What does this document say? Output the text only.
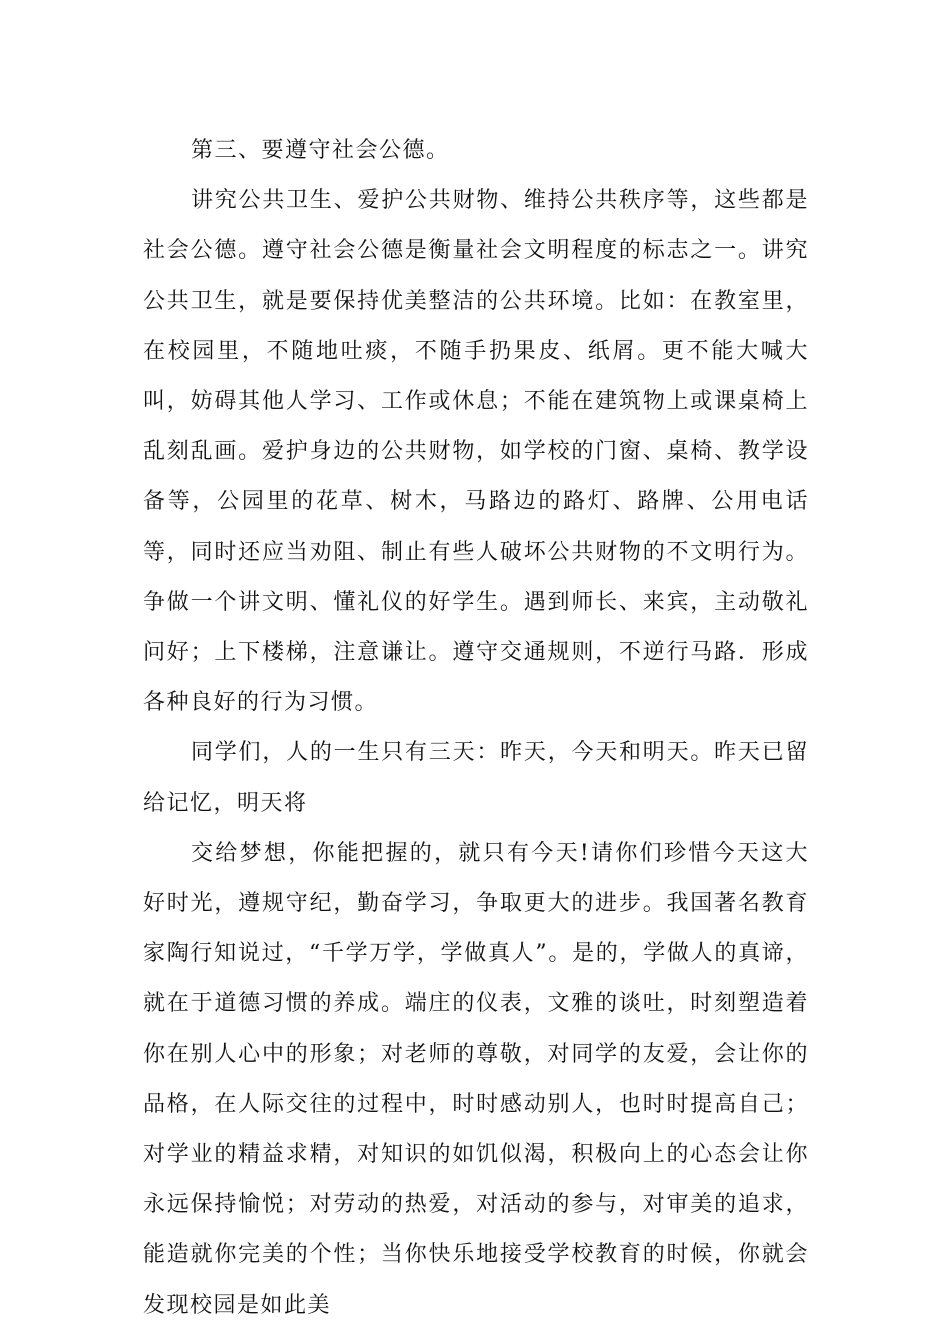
第三、要遵守社会公德。

讲究公共卫生、爱护公共财物、维持公共秩序等，这些都是社会公德。遵守社会公德是衡量社会文明程度的标志之一。讲究公共卫生，就是要保持优美整洁的公共环境。比如：在教室里，在校园里，不随地吐痰，不随手扔果皮、纸屑。更不能大喊大叫，妨碍其他人学习、工作或休息；不能在建筑物上或课桌椅上乱刻乱画。爱护身边的公共财物，如学校的门窗、桌椅、教学设备等，公园里的花草、树木，马路边的路灯、路牌、公用电话等，同时还应当劝阻、制止有些人破坏公共财物的不文明行为。争做一个讲文明、懂礼仪的好学生。遇到师长、来宾，主动敬礼问好；上下楼梯，注意谦让。遵守交通规则，不逆行马路．形成各种良好的行为习惯。

同学们，人的一生只有三天：昨天，今天和明天。昨天已留给记忆，明天将

交给梦想，你能把握的，就只有今天!请你们珍惜今天这大好时光，遵规守纪，勤奋学习，争取更大的进步。我国著名教育家陶行知说过，“千学万学，学做真人”。是的，学做人的真谛，就在于道德习惯的养成。端庄的仪表，文雅的谈吐，时刻塑造着你在别人心中的形象；对老师的尊敬，对同学的友爱，会让你的品格，在人际交往的过程中，时时感动别人，也时时提高自己；对学业的精益求精，对知识的如饥似渴，积极向上的心态会让你永远保持愉悦；对劳动的热爱，对活动的参与，对审美的追求，能造就你完美的个性；当你快乐地接受学校教育的时候，你就会发现校园是如此美
